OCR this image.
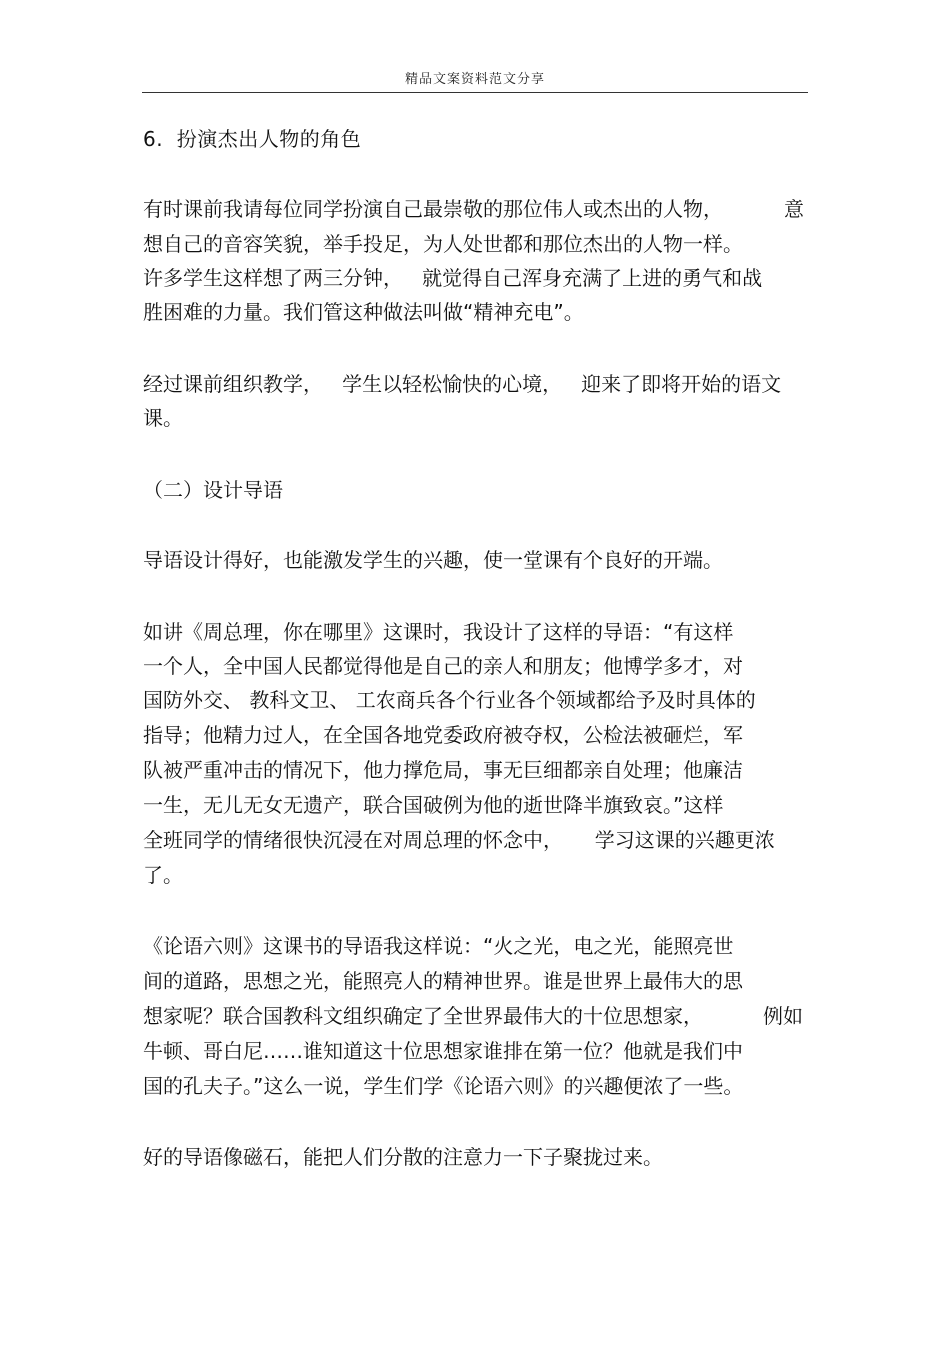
精品文案资料范文分享
6.  扮演杰出人物的角色
有时课前我请每位同学扮演自己最崇敬的那位伟人或杰出的人物，	意
想自己的音容笑貌，举手投足，为人处世都和那位杰出的人物一样。
许多学生这样想了两三分钟，   就觉得自己浑身充满了上进的勇气和战
胜困难的力量。我们管这种做法叫做“精神充电”。
经过课前组织教学，   学生以轻松愉快的心境，   迎来了即将开始的语文
课。
（二）设计导语
导语设计得好，也能激发学生的兴趣，使一堂课有个良好的开端。
如讲《周总理，你在哪里》这课时，我设计了这样的导语：“有这样
一个人，全中国人民都觉得他是自己的亲人和朋友；他博学多才，对
国防外交、 教科文卫、 工农商兵各个行业各个领域都给予及时具体的
指导；他精力过人，在全国各地党委政府被夺权，公检法被砸烂，军
队被严重冲击的情况下，他力撑危局，事无巨细都亲自处理；他廉洁
一生，无儿无女无遗产，联合国破例为他的逝世降半旗致哀。”这样
全班同学的情绪很快沉浸在对周总理的怀念中，     学习这课的兴趣更浓
了。
《论语六则》这课书的导语我这样说：“火之光，电之光，能照亮世
间的道路，思想之光，能照亮人的精神世界。谁是世界上最伟大的思
想家呢？联合国教科文组织确定了全世界最伟大的十位思想家，	例如
牛顿、哥白尼……谁知道这十位思想家谁排在第一位？他就是我们中
国的孔夫子。”这么一说，学生们学《论语六则》的兴趣便浓了一些。
好的导语像磁石，能把人们分散的注意力一下子聚拢过来。
